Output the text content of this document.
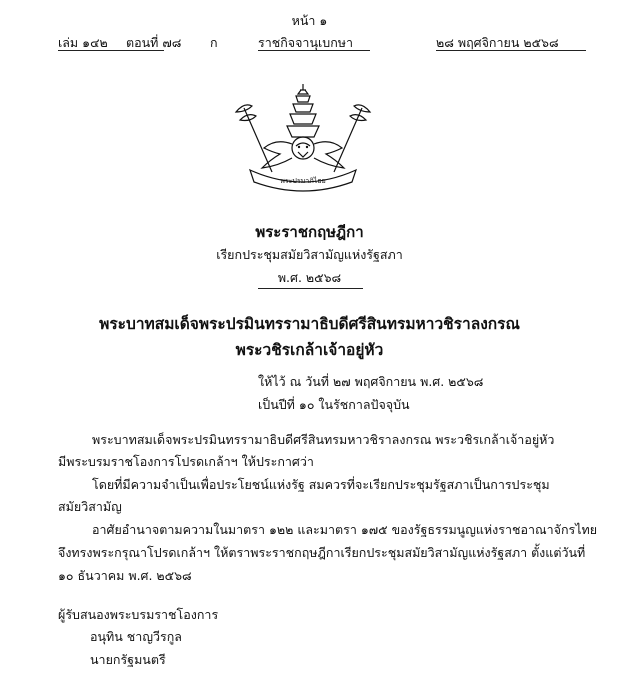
หน้า ๑
เล่ม ๑๔๒ ตอนที่ ๗๘ ก	ราชกิจจานุเบกษา	๒๘ พฤศจิกายน ๒๕๖๘
พระปรมาภิไธย
พระราชกฤษฎีกา
เรียกประชุมสมัยวิสามัญแห่งรัฐสภา
พ.ศ. ๒๕๖๘
พระบาทสมเด็จพระปรมินทรรามาธิบดีศรีสินทรมหาวชิราลงกรณ
พระวชิรเกล้าเจ้าอยู่หัว
ให้ไว้ ณ วันที่ ๒๗ พฤศจิกายน พ.ศ. ๒๕๖๘
เป็นปีที่ ๑๐ ในรัชกาลปัจจุบัน
พระบาทสมเด็จพระปรมินทรรามาธิบดีศรีสินทรมหาวชิราลงกรณ พระวชิรเกล้าเจ้าอยู่หัว
มีพระบรมราชโองการโปรดเกล้าฯ ให้ประกาศว่า
โดยที่มีความจำเป็นเพื่อประโยชน์แห่งรัฐ สมควรที่จะเรียกประชุมรัฐสภาเป็นการประชุม
สมัยวิสามัญ
อาศัยอำนาจตามความในมาตรา ๑๒๒ และมาตรา ๑๗๕ ของรัฐธรรมนูญแห่งราชอาณาจักรไทย
จึงทรงพระกรุณาโปรดเกล้าฯ ให้ตราพระราชกฤษฎีกาเรียกประชุมสมัยวิสามัญแห่งรัฐสภา ตั้งแต่วันที่
๑๐ ธันวาคม พ.ศ. ๒๕๖๘
ผู้รับสนองพระบรมราชโองการ
อนุทิน ชาญวีรกูล
นายกรัฐมนตรี
